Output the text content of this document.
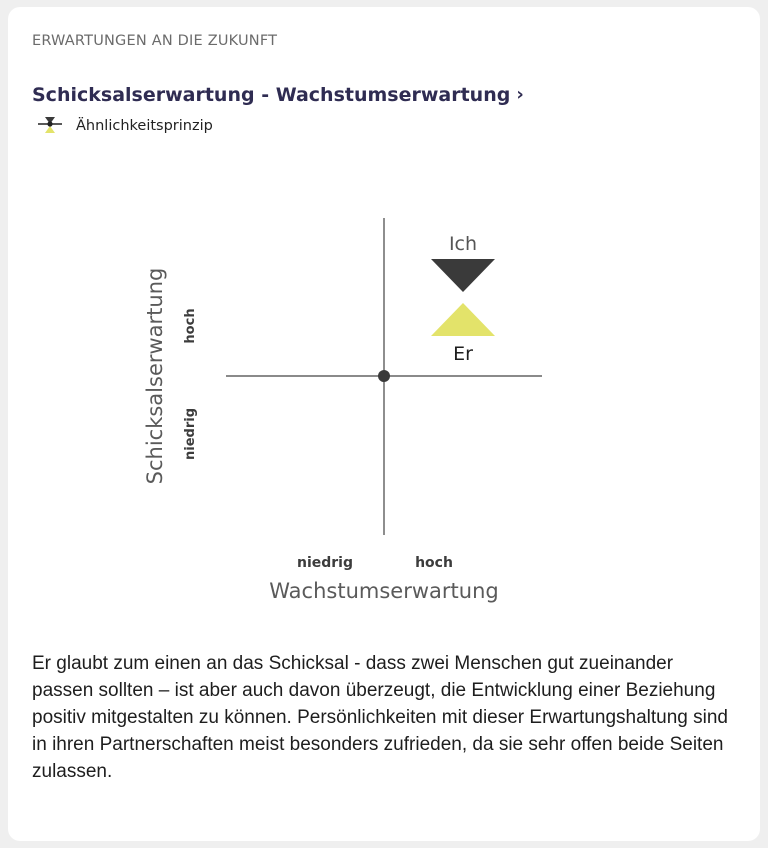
ERWARTUNGEN AN DIE ZUKUNFT
Schicksalserwartung - Wachstumserwartung ›
Ähnlichkeitsprinzip
niedrig	hoch
Wachstumserwartung
hoch
niedrig
Schicksalserwartung
Ich
Er
Er glaubt zum einen an das Schicksal - dass zwei Menschen gut zueinander passen sollten – ist aber auch davon überzeugt, die Entwicklung einer Beziehung positiv mitgestalten zu können. Persönlichkeiten mit dieser Erwartungshaltung sind in ihren Partnerschaften meist besonders zufrieden, da sie sehr offen beide Seiten zulassen.
